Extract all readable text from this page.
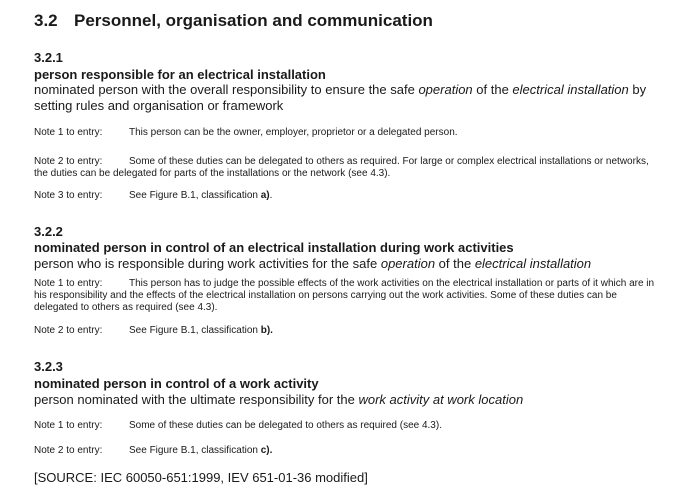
3.2 Personnel, organisation and communication
3.2.1
person responsible for an electrical installation
nominated person with the overall responsibility to ensure the safe operation of the electrical installation by setting rules and organisation or framework
Note 1 to entry:	This person can be the owner, employer, proprietor or a delegated person.
Note 2 to entry:	Some of these duties can be delegated to others as required. For large or complex electrical installations or networks, the duties can be delegated for parts of the installations or the network (see 4.3).
Note 3 to entry:	See Figure B.1, classification a).
3.2.2
nominated person in control of an electrical installation during work activities
person who is responsible during work activities for the safe operation of the electrical installation
Note 1 to entry:	This person has to judge the possible effects of the work activities on the electrical installation or parts of it which are in his responsibility and the effects of the electrical installation on persons carrying out the work activities. Some of these duties can be delegated to others as required (see 4.3).
Note 2 to entry:	See Figure B.1, classification b).
3.2.3
nominated person in control of a work activity
person nominated with the ultimate responsibility for the work activity at work location
Note 1 to entry:	Some of these duties can be delegated to others as required (see 4.3).
Note 2 to entry:	See Figure B.1, classification c).
[SOURCE: IEC 60050-651:1999, IEV 651-01-36 modified]
